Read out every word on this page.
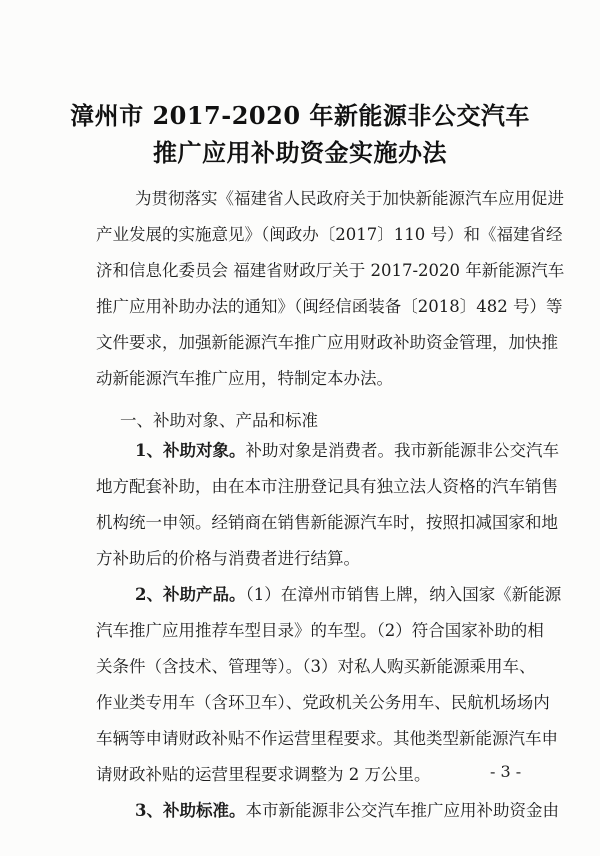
漳州市 2017-2020 年新能源非公交汽车
推广应用补助资金实施办法
为贯彻落实《福建省人民政府关于加快新能源汽车应用促进
产业发展的实施意见》（闽政办〔2017〕110 号）和《福建省经
济和信息化委员会 福建省财政厅关于 2017-2020 年新能源汽车
推广应用补助办法的通知》（闽经信函装备〔2018〕482 号）等
文件要求，加强新能源汽车推广应用财政补助资金管理，加快推
动新能源汽车推广应用，特制定本办法。
一、补助对象、产品和标准
1、补助对象。补助对象是消费者。我市新能源非公交汽车
地方配套补助，由在本市注册登记具有独立法人资格的汽车销售
机构统一申领。经销商在销售新能源汽车时，按照扣减国家和地
方补助后的价格与消费者进行结算。
2、补助产品。（1）在漳州市销售上牌，纳入国家《新能源
汽车推广应用推荐车型目录》的车型。（2）符合国家补助的相
关条件（含技术、管理等）。（3）对私人购买新能源乘用车、
作业类专用车（含环卫车）、党政机关公务用车、民航机场场内
车辆等申请财政补贴不作运营里程要求。其他类型新能源汽车申
请财政补贴的运营里程要求调整为 2 万公里。
3、补助标准。本市新能源非公交汽车推广应用补助资金由
- 3 -
